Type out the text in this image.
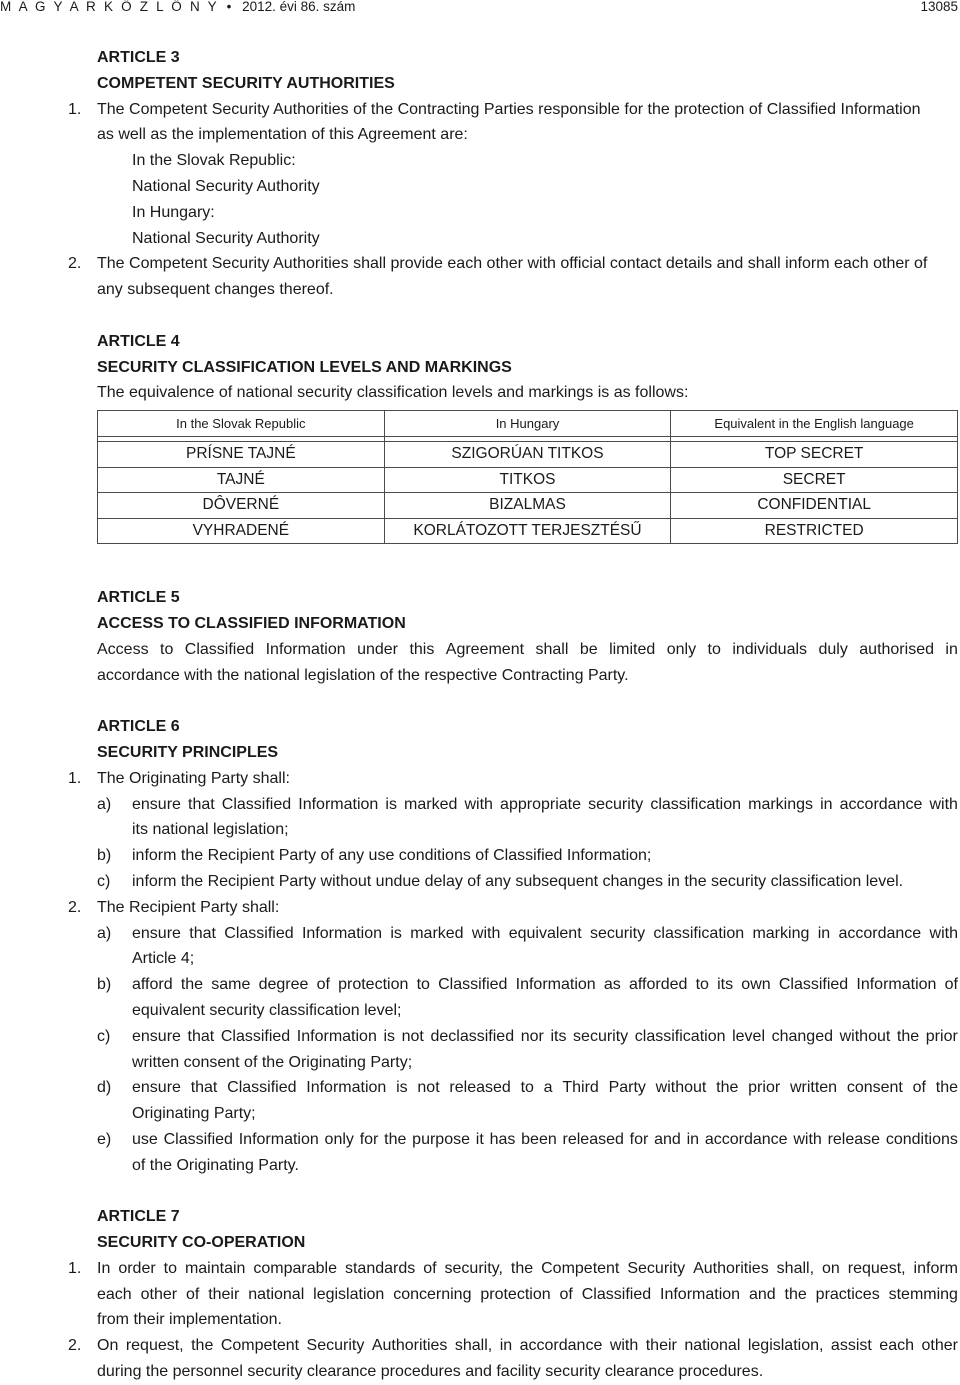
M A G Y A R K Ö Z L Ö N Y • 2012. évi 86. szám	13085
ARTICLE 3
COMPETENT SECURITY AUTHORITIES
1. The Competent Security Authorities of the Contracting Parties responsible for the protection of Classified Information
as well as the implementation of this Agreement are:
In the Slovak Republic:
National Security Authority
In Hungary:
National Security Authority
2. The Competent Security Authorities shall provide each other with official contact details and shall inform each other of
any subsequent changes thereof.
ARTICLE 4
SECURITY CLASSIFICATION LEVELS AND MARKINGS
The equivalence of national security classification levels and markings is as follows:
In the Slovak Republic	In Hungary	Equivalent in the English language

PRÍSNE TAJNÉ	SZIGORÚAN TITKOS	TOP SECRET
TAJNÉ	TITKOS	SECRET
DÔVERNÉ	BIZALMAS	CONFIDENTIAL
VYHRADENÉ	KORLÁTOZOTT TERJESZTÉSŰ	RESTRICTED
ARTICLE 5
ACCESS TO CLASSIFIED INFORMATION
Access to Classified Information under this Agreement shall be limited only to individuals duly authorised in
accordance with the national legislation of the respective Contracting Party.
ARTICLE 6
SECURITY PRINCIPLES
1. The Originating Party shall:
a) ensure that Classified Information is marked with appropriate security classification markings in accordance with
its national legislation;
b) inform the Recipient Party of any use conditions of Classified Information;
c) inform the Recipient Party without undue delay of any subsequent changes in the security classification level.
2. The Recipient Party shall:
a) ensure that Classified Information is marked with equivalent security classification marking in accordance with
Article 4;
b) afford the same degree of protection to Classified Information as afforded to its own Classified Information of
equivalent security classification level;
c) ensure that Classified Information is not declassified nor its security classification level changed without the prior
written consent of the Originating Party;
d) ensure that Classified Information is not released to a Third Party without the prior written consent of the
Originating Party;
e) use Classified Information only for the purpose it has been released for and in accordance with release conditions
of the Originating Party.
ARTICLE 7
SECURITY CO-OPERATION
1. In order to maintain comparable standards of security, the Competent Security Authorities shall, on request, inform
each other of their national legislation concerning protection of Classified Information and the practices stemming
from their implementation.
2. On request, the Competent Security Authorities shall, in accordance with their national legislation, assist each other
during the personnel security clearance procedures and facility security clearance procedures.
